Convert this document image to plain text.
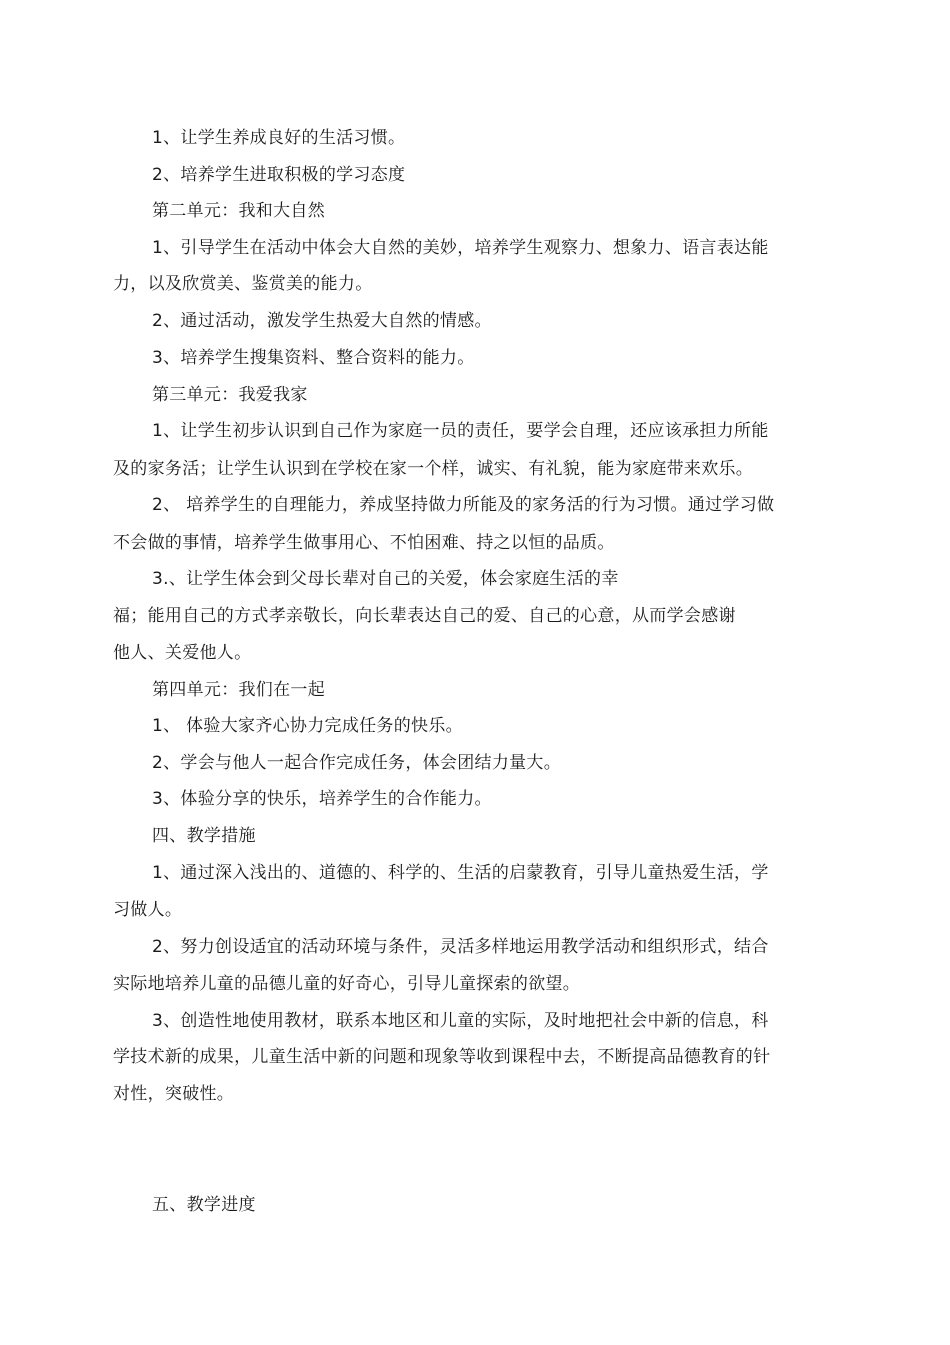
1、让学生养成良好的生活习惯。
2、培养学生进取积极的学习态度
第二单元：我和大自然
1、引导学生在活动中体会大自然的美妙，培养学生观察力、想象力、语言表达能
力，以及欣赏美、鉴赏美的能力。
2、通过活动，激发学生热爱大自然的情感。
3、培养学生搜集资料、整合资料的能力。
第三单元：我爱我家
1、让学生初步认识到自己作为家庭一员的责任，要学会自理，还应该承担力所能
及的家务活；让学生认识到在学校在家一个样，诚实、有礼貌，能为家庭带来欢乐。
2、 培养学生的自理能力，养成坚持做力所能及的家务活的行为习惯。通过学习做
不会做的事情，培养学生做事用心、不怕困难、持之以恒的品质。
3.、让学生体会到父母长辈对自己的关爱，体会家庭生活的幸
福；能用自己的方式孝亲敬长，向长辈表达自己的爱、自己的心意，从而学会感谢
他人、关爱他人。
第四单元：我们在一起
1、 体验大家齐心协力完成任务的快乐。
2、学会与他人一起合作完成任务，体会团结力量大。
3、体验分享的快乐，培养学生的合作能力。
四、教学措施
1、通过深入浅出的、道德的、科学的、生活的启蒙教育，引导儿童热爱生活，学
习做人。
2、努力创设适宜的活动环境与条件，灵活多样地运用教学活动和组织形式，结合
实际地培养儿童的品德儿童的好奇心，引导儿童探索的欲望。
3、创造性地使用教材，联系本地区和儿童的实际，及时地把社会中新的信息，科
学技术新的成果，儿童生活中新的问题和现象等收到课程中去，不断提高品德教育的针
对性，突破性。
五、教学进度
